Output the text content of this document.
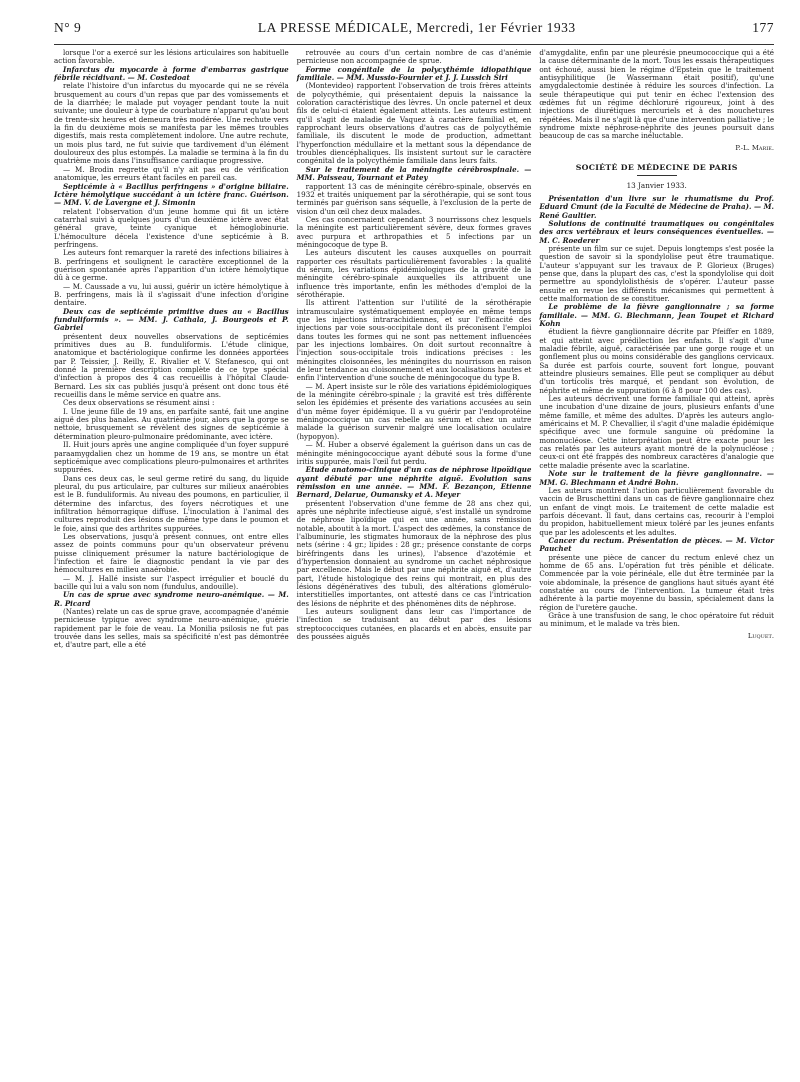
N° 9	LA PRESSE MÉDICALE, Mercredi, 1er Février 1933	177

lorsque l'or a exercé sur les lésions articulaires son habituelle action favorable.

Infarctus du myocarde à forme d'embarras gastrique fébrile récidivant. — M. Costedoat

relate l'histoire d'un infarctus du myocarde qui ne se révéla brusquement au cours d'un repas que par des vomissements et de la diarrhée; le malade put voyager pendant toute la nuit suivante; une douleur à type de courbature n'apparut qu'au bout de trente-six heures et demeura très modérée. Une rechute vers la fin du deuxième mois se manifesta par les mêmes troubles digestifs, mais resta complètement indolore. Une autre rechute, un mois plus tard, ne fut suivie que tardivement d'un élément douloureux des plus estompés. La maladie se termina à la fin du quatrième mois dans l'insuffisance cardiaque progressive.

— M. Brodin regrette qu'il n'y ait pas eu de vérification anatomique, les erreurs étant faciles en pareil cas.

Septicémie à « Bacillus perfringens » d'origine biliaire. Ictère hémolytique succédant à un ictère franc. Guérison. — MM. V. de Lavergne et J. Simonin

relatent l'observation d'un jeune homme qui fit un ictère catarrhal suivi à quelques jours d'un deuxième ictère avec état général grave, teinte cyanique et hémoglobinurie. L'hémoculture décela l'existence d'une septicémie à B. perfringens.

Les auteurs font remarquer la rareté des infections biliaires à B. perfringens et soulignent le caractère exceptionnel de la guérison spontanée après l'apparition d'un ictère hémolytique dû à ce germe.

— M. Caussade a vu, lui aussi, guérir un ictère hémolytique à B. perfringens, mais là il s'agissait d'une infection d'origine dentaire.

Deux cas de septicémie primitive dues au « Bacillus funduliformis ». — MM. J. Cathala, J. Bourgeois et P. Gabriel

présentent deux nouvelles observations de septicémies primitives dues au B. funduliformis. L'étude clinique, anatomique et bactériologique confirme les données apportées par P. Teissier, J. Reilly, E. Rivalier et V. Stefanesco, qui ont donné la première description complète de ce type spécial d'infection à propos des 4 cas recueillis à l'hôpital Claude-Bernard. Les six cas publiés jusqu'à présent ont donc tous été recueillis dans le même service en quatre ans.

Ces deux observations se résument ainsi :

I. Une jeune fille de 19 ans, en parfaite santé, fait une angine aiguë des plus banales. Au quatrième jour, alors que la gorge se nettoie, brusquement se révèlent des signes de septicémie à détermination pleuro-pulmonaire prédominante, avec ictère.

II. Huit jours après une angine compliquée d'un foyer suppuré paraamygdalien chez un homme de 19 ans, se montre un état septicémique avec complications pleuro-pulmonaires et arthrites suppurées.

Dans ces deux cas, le seul germe retiré du sang, du liquide pleural, du pus articulaire, par cultures sur milieux anaérobies est le B. funduliformis. Au niveau des poumons, en particulier, il détermine des infarctus, des foyers nécrotiques et une infiltration hémorragique diffuse. L'inoculation à l'animal des cultures reproduit des lésions de même type dans le poumon et le foie, ainsi que des arthrites suppurées.

Les observations, jusqu'à présent connues, ont entre elles assez de points communs pour qu'un observateur prévenu puisse cliniquement présumer la nature bactériologique de l'infection et faire le diagnostic pendant la vie par des hémocultures en milieu anaérobie.

— M. J. Hallé insiste sur l'aspect irrégulier et bouclé du bacille qui lui a valu son nom (fundulus, andouille).

Un cas de sprue avec syndrome neuro-anémique. — M. R. Picard

(Nantes) relate un cas de sprue grave, accompagnée d'anémie pernicieuse typique avec syndrome neuro-anémique, guérie rapidement par le foie de veau. La Monilia psilosis ne fut pas trouvée dans les selles, mais sa spécificité n'est pas démontrée et, d'autre part, elle a été

retrouvée au cours d'un certain nombre de cas d'anémie pernicieuse non accompagnée de sprue.

Forme congénitale de la polycythémie idiopathique familiale. — MM. Mussio-Fournier et J. J. Lussich Siri

(Montevideo) rapportent l'observation de trois frères atteints de polycythémie, qui présentaient depuis la naissance la coloration caractéristique des lèvres. Un oncle paternel et deux fils de celui-ci étaient également atteints. Les auteurs estiment qu'il s'agit de maladie de Vaquez à caractère familial et, en rapprochant leurs observations d'autres cas de polycythémie familiale, ils discutent le mode de production, admettant l'hyperfonction médullaire et la mettant sous la dépendance de troubles diencéphaliques. Ils insistent surtout sur le caractère congénital de la polycythémie familiale dans leurs faits.

Sur le traitement de la méningite cérébrospinale. — MM. Paisseau, Tournant et Patey

rapportent 13 cas de méningite cérébro-spinale, observés en 1932 et traités uniquement par la sérothérapie, qui se sont tous terminés par guérison sans séquelle, à l'exclusion de la perte de vision d'un œil chez deux malades.

Ces cas concernaient cependant 3 nourrissons chez lesquels la méningite est particulièrement sévère, deux formes graves avec purpura et arthropathies et 5 infections par un méningocoque de type B.

Les auteurs discutent les causes auxquelles on pourrait rapporter ces résultats particulièrement favorables : la qualité du sérum, les variations épidémiologiques de la gravité de la méningite cérébro-spinale auxquelles ils attribuent une influence très importante, enfin les méthodes d'emploi de la sérothérapie.

Ils attirent l'attention sur l'utilité de la sérothérapie intramusculaire systématiquement employée en même temps que les injections intrarachidiennes, et sur l'efficacité des injections par voie sous-occipitale dont ils préconisent l'emploi dans toutes les formes qui ne sont pas nettement influencées par les injections lombaires. On doit surtout reconnaître à l'injection sous-occipitale trois indications précises : les méningites cloisonnées, les méningites du nourrisson en raison de leur tendance au cloisonnement et aux localisations hautes et enfin l'intervention d'une souche de méningocoque du type B.

— M. Apert insiste sur le rôle des variations épidémiologiques de la méningite cérébro-spinale ; la gravité est très différente selon les épidémies et présente des variations accusées au sein d'un même foyer épidémique. Il a vu guérir par l'endoprotéine méningococcique un cas rebelle au sérum et chez un autre malade la guérison survenir malgré une localisation oculaire (hypopyon).

— M. Huber a observé également la guérison dans un cas de méningite méningococcique ayant débuté sous la forme d'une iritis suppurée, mais l'œil fut perdu.

Etude anatomo-clinique d'un cas de néphrose lipoïdique ayant débuté par une néphrite aiguë. Evolution sans rémission en une année. — MM. F. Bezançon, Etienne Bernard, Delarue, Oumansky et A. Meyer

présentent l'observation d'une femme de 28 ans chez qui, après une néphrite infectieuse aiguë, s'est installé un syndrome de néphrose lipoïdique qui en une année, sans rémission notable, aboutit à la mort. L'aspect des œdèmes, la constance de l'albuminurie, les stigmates humoraux de la néphrose des plus nets (sérine : 4 gr.; lipides : 28 gr.; présence constante de corps biréfringents dans les urines), l'absence d'azotémie et d'hypertension donnaient au syndrome un cachet néphrosique par excellence. Mais le début par une néphrite aiguë et, d'autre part, l'étude histologique des reins qui montrait, en plus des lésions dégénératives des tubuli, des altérations glomérulo-interstitielles importantes, ont attesté dans ce cas l'intrication des lésions de néphrite et des phénomènes dits de néphrose.

Les auteurs soulignent dans leur cas l'importance de l'infection se traduisant au début par des lésions streptococciques cutanées, en placards et en abcès, ensuite par des poussées aiguës

d'amygdalite, enfin par une pleurésie pneumococcique qui a été la cause déterminante de la mort. Tous les essais thérapeutiques ont échoué, aussi bien le régime d'Epstein que le traitement antisyphilitique (le Wassermann était positif), qu'une amygdalectomie destinée à réduire les sources d'infection. La seule thérapeutique qui put tenir en échec l'extension des œdèmes fut un régime déchloruré rigoureux, joint à des injections de diurétiques mercuriels et à des mouchetures répétées. Mais il ne s'agit là que d'une intervention palliative ; le syndrome mixte néphrose-néphrite des jeunes poursuit dans beaucoup de cas sa marche inéluctable.

P.-L. Marie.
SOCIÉTÉ DE MÉDECINE DE PARIS
13 Janvier 1933.

Présentation d'un livre sur le rhumatisme du Prof. Eduard Cmunt (de la Faculté de Médecine de Praha). — M. René Gaultier.

Solutions de continuité traumatiques ou congénitales des arcs vertébraux et leurs conséquences éventuelles. — M. C. Roederer

présente un film sur ce sujet. Depuis longtemps s'est posée la question de savoir si la spondylolise peut être traumatique. L'auteur s'appuyant sur les travaux de P. Glorieux (Bruges) pense que, dans la plupart des cas, c'est la spondylolise qui doit permettre au spondylolisthésis de s'opérer. L'auteur passe ensuite en revue les différents mécanismes qui permettent à cette malformation de se constituer.

Le problème de la fièvre ganglionnaire ; sa forme familiale. — MM. G. Blechmann, Jean Toupet et Richard Kohn

étudient la fièvre ganglionnaire décrite par Pfeiffer en 1889, et qui atteint avec prédilection les enfants. Il s'agit d'une maladie fébrile, aiguë, caractérisée par une gorge rouge et un gonflement plus ou moins considérable des ganglions cervicaux. Sa durée est parfois courte, souvent fort longue, pouvant atteindre plusieurs semaines. Elle peut se compliquer au début d'un torticolis très marqué, et pendant son évolution, de néphrite et même de suppuration (6 à 8 pour 100 des cas).

Les auteurs décrivent une forme familiale qui atteint, après une incubation d'une dizaine de jours, plusieurs enfants d'une même famille, et même des adultes. D'après les auteurs anglo-américains et M. P. Chevallier, il s'agit d'une maladie épidémique spécifique avec une formule sanguine où prédomine la mononucléose. Cette interprétation peut être exacte pour les cas relatés par les auteurs ayant montré de la polynucléose ; ceux-ci ont été frappés des nombreux caractères d'analogie que cette maladie présente avec la scarlatine.

Note sur le traitement de la fièvre ganglionnaire. — MM. G. Blechmann et André Bohn.

Les auteurs montrent l'action particulièrement favorable du vaccin de Bruschettini dans un cas de fièvre ganglionnaire chez un enfant de vingt mois. Le traitement de cette maladie est parfois décevant. Il faut, dans certains cas, recourir à l'emploi du propidon, habituellement mieux toléré par les jeunes enfants que par les adolescents et les adultes.

Cancer du rectum. Présentation de pièces. — M. Victor Pauchet

présente une pièce de cancer du rectum enlevé chez un homme de 65 ans. L'opération fut très pénible et délicate. Commencée par la voie périnéale, elle dut être terminée par la voie abdominale, la présence de ganglions haut situés ayant été constatée au cours de l'intervention. La tumeur était très adhérente à la partie moyenne du bassin, spécialement dans la région de l'uretère gauche.

Grâce à une transfusion de sang, le choc opératoire fut réduit au minimum, et le malade va très bien.

Luquet.
